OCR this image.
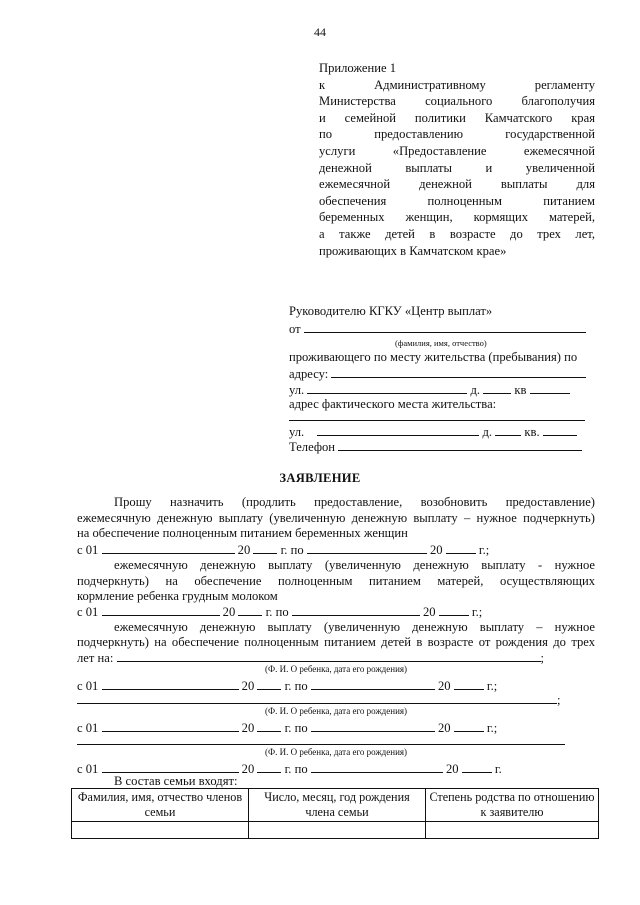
44

Приложение 1

к Административному регламенту

Министерства социального благополучия

и семейной политики Камчатского края

по предоставлению государственной

услуги «Предоставление ежемесячной

денежной выплаты и увеличенной

ежемесячной денежной выплаты для

обеспечения полноценным питанием

беременных женщин, кормящих матерей,

а также детей в возрасте до трех лет,

проживающих в Камчатском крае»

Руководителю КГКУ «Центр выплат»
от
(фамилия, имя, отчество)
проживающего по месту жительства (пребывания) по
адресу:
ул.	д.	кв
адрес фактического места жительства:
ул.	д.	кв.
Телефон
ЗАЯВЛЕНИЕ
Прошу назначить (продлить предоставление, возобновить предоставление)
ежемесячную денежную выплату (увеличенную денежную выплату – нужное подчеркнуть)
на обеспечение полноценным питанием беременных женщин
с 01	20 г. по	20	г.;
ежемесячную денежную выплату (увеличенную денежную выплату - нужное
подчеркнуть) на обеспечение полноценным питанием матерей, осуществляющих
кормление ребенка грудным молоком
с 01	20 г. по	20	г.;
ежемесячную денежную выплату (увеличенную денежную выплату – нужное
подчеркнуть) на обеспечение полноценным питанием детей в возрасте от рождения до трех
лет на:	;
(Ф. И. О ребенка, дата его рождения)
с 01	20 г. по	20	г.;
;
(Ф. И. О ребенка, дата его рождения)
с 01	20 г. по	20	г.;
(Ф. И. О ребенка, дата его рождения)
с 01	20 г. по	20	г.
В состав семьи входят:
Фамилия, имя, отчество членов семьи	Число, месяц, год рождения члена семьи	Степень родства по отношению к заявителю
